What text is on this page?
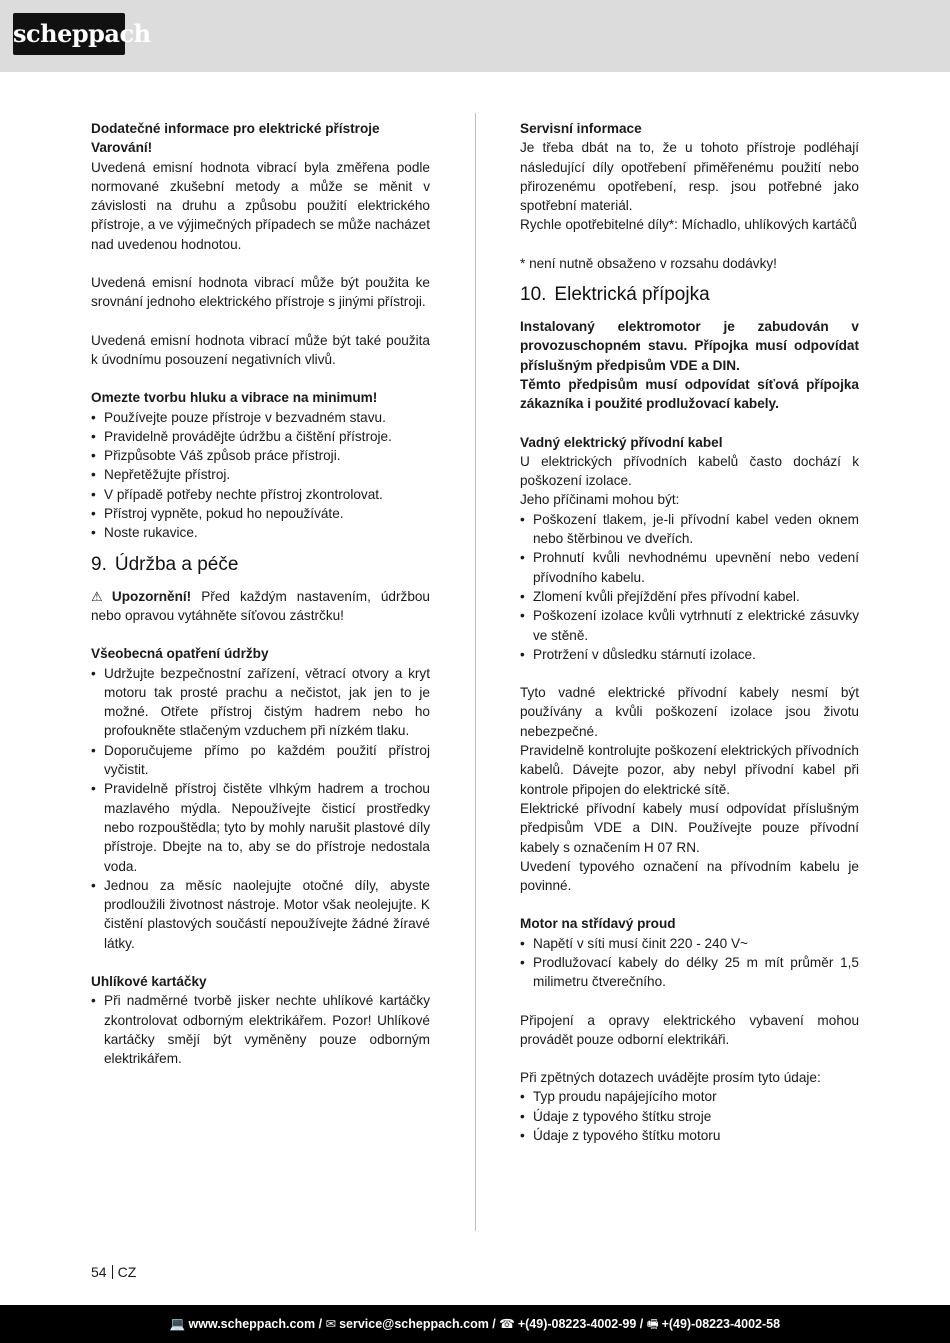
scheppach

Dodatečné informace pro elektrické přístroje

Varování!

Uvedená emisní hodnota vibrací byla změřena podle normované zkušební metody a může se měnit v závislosti na druhu a způsobu použití elektrického přístroje, a ve výjimečných případech se může nacházet nad uvedenou hodnotou.

Uvedená emisní hodnota vibrací může být použita ke srovnání jednoho elektrického přístroje s jinými přístroji.

Uvedená emisní hodnota vibrací může být také použita k úvodnímu posouzení negativních vlivů.

Omezte tvorbu hluku a vibrace na minimum!

• Používejte pouze přístroje v bezvadném stavu.
• Pravidelně provádějte údržbu a čištění přístroje.
• Přizpůsobte Váš způsob práce přístroji.
• Nepřetěžujte přístroj.
• V případě potřeby nechte přístroj zkontrolovat.
• Přístroj vypněte, pokud ho nepoužíváte.
• Noste rukavice.
9. Údržba a péče

⚠ Upozornění! Před každým nastavením, údržbou nebo opravou vytáhněte síťovou zástrčku!

Všeobecná opatření údržby

• Udržujte bezpečnostní zařízení, větrací otvory a kryt motoru tak prosté prachu a nečistot, jak jen to je možné. Otřete přístroj čistým hadrem nebo ho profoukněte stlačeným vzduchem při nízkém tlaku.
• Doporučujeme přímo po každém použití přístroj vyčistit.
• Pravidelně přístroj čistěte vlhkým hadrem a trochou mazlavého mýdla. Nepoužívejte čisticí prostředky nebo rozpouštědla; tyto by mohly narušit plastové díly přístroje. Dbejte na to, aby se do přístroje nedostala voda.
• Jednou za měsíc naolejujte otočné díly, abyste prodloužili životnost nástroje. Motor však neolejujte. K čistění plastových součástí nepoužívejte žádné žíravé látky.

Uhlíkové kartáčky

• Při nadměrné tvorbě jisker nechte uhlíkové kartáčky zkontrolovat odborným elektrikářem. Pozor! Uhlíkové kartáčky smějí být vyměněny pouze odborným elektrikářem.

Servisní informace

Je třeba dbát na to, že u tohoto přístroje podléhají následující díly opotřebení přiměřenému použití nebo přirozenému opotřebení, resp. jsou potřebné jako spotřební materiál.

Rychle opotřebitelné díly*: Míchadlo, uhlíkových kartáčů

* není nutně obsaženo v rozsahu dodávky!

10. Elektrická přípojka

Instalovaný elektromotor je zabudován v provozuschopném stavu. Přípojka musí odpovídat příslušným předpisům VDE a DIN.

Těmto předpisům musí odpovídat síťová přípojka zákazníka i použité prodlužovací kabely.

Vadný elektrický přívodní kabel

U elektrických přívodních kabelů často dochází k poškození izolace.

Jeho příčinami mohou být:

• Poškození tlakem, je-li přívodní kabel veden oknem nebo štěrbinou ve dveřích.
• Prohnutí kvůli nevhodnému upevnění nebo vedení přívodního kabelu.
• Zlomení kvůli přejíždění přes přívodní kabel.
• Poškození izolace kvůli vytrhnutí z elektrické zásuvky ve stěně.
• Protržení v důsledku stárnutí izolace.

Tyto vadné elektrické přívodní kabely nesmí být používány a kvůli poškození izolace jsou životu nebezpečné.

Pravidelně kontrolujte poškození elektrických přívodních kabelů. Dávejte pozor, aby nebyl přívodní kabel při kontrole připojen do elektrické sítě.

Elektrické přívodní kabely musí odpovídat příslušným předpisům VDE a DIN. Používejte pouze přívodní kabely s označením H 07 RN.

Uvedení typového označení na přívodním kabelu je povinné.

Motor na střídavý proud

• Napětí v síti musí činit 220 - 240 V~
• Prodlužovací kabely do délky 25 m mít průměr 1,5 milimetru čtverečního.

Připojení a opravy elektrického vybavení mohou provádět pouze odborní elektrikáři.

Při zpětných dotazech uvádějte prosím tyto údaje:

• Typ proudu napájejícího motor
• Údaje z typového štítku stroje
• Údaje z typového štítku motoru
54 CZ
💻 www.scheppach.com / ✉ service@scheppach.com / ☎ +(49)-08223-4002-99 / 🖷 +(49)-08223-4002-58
